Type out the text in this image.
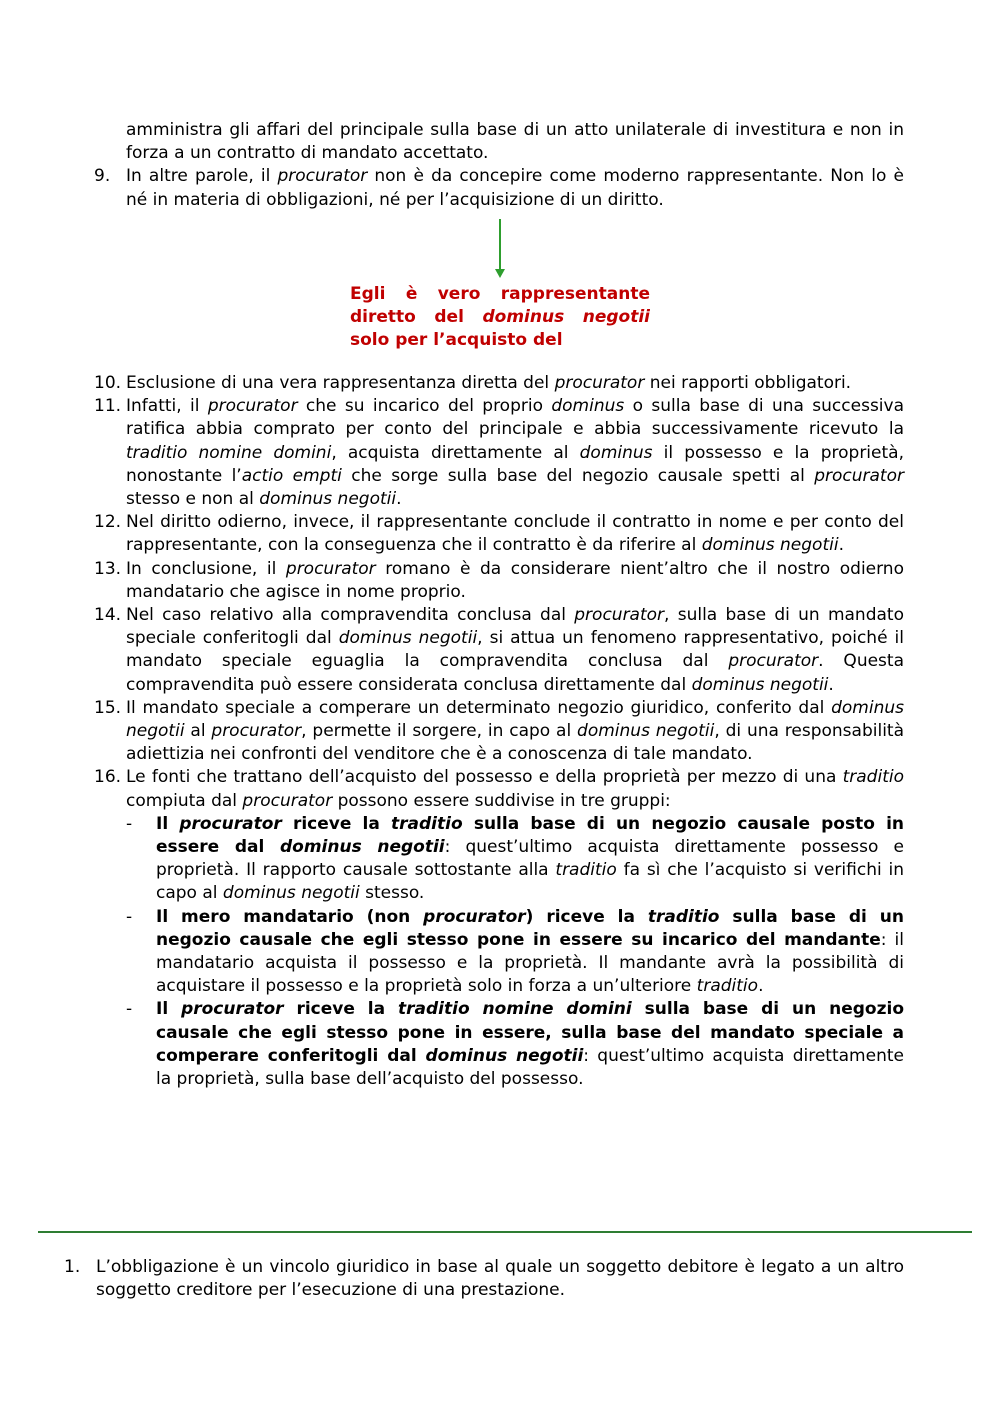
amministra gli affari del principale sulla base di un atto unilaterale di investitura e non in forza a un contratto di mandato accettato.
9. In altre parole, il procurator non è da concepire come moderno rappresentante. Non lo è né in materia di obbligazioni, né per l’acquisizione di un diritto.
Egli è vero rappresentante diretto del dominus negotii solo per l’acquisto del
10. Esclusione di una vera rappresentanza diretta del procurator nei rapporti obbligatori.
11. Infatti, il procurator che su incarico del proprio dominus o sulla base di una successiva ratifica abbia comprato per conto del principale e abbia successivamente ricevuto la traditio nomine domini, acquista direttamente al dominus il possesso e la proprietà, nonostante l’actio empti che sorge sulla base del negozio causale spetti al procurator stesso e non al dominus negotii.
12. Nel diritto odierno, invece, il rappresentante conclude il contratto in nome e per conto del rappresentante, con la conseguenza che il contratto è da riferire al dominus negotii.
13. In conclusione, il procurator romano è da considerare nient’altro che il nostro odierno mandatario che agisce in nome proprio.
14. Nel caso relativo alla compravendita conclusa dal procurator, sulla base di un mandato speciale conferitogli dal dominus negotii, si attua un fenomeno rappresentativo, poiché il mandato speciale eguaglia la compravendita conclusa dal procurator. Questa compravendita può essere considerata conclusa direttamente dal dominus negotii.
15. Il mandato speciale a comperare un determinato negozio giuridico, conferito dal dominus negotii al procurator, permette il sorgere, in capo al dominus negotii, di una responsabilità adiettizia nei confronti del venditore che è a conoscenza di tale mandato.
16. Le fonti che trattano dell’acquisto del possesso e della proprietà per mezzo di una traditio compiuta dal procurator possono essere suddivise in tre gruppi:
- Il procurator riceve la traditio sulla base di un negozio causale posto in essere dal dominus negotii: quest’ultimo acquista direttamente possesso e proprietà. Il rapporto causale sottostante alla traditio fa sì che l’acquisto si verifichi in capo al dominus negotii stesso.
- Il mero mandatario (non procurator) riceve la traditio sulla base di un negozio causale che egli stesso pone in essere su incarico del mandante: il mandatario acquista il possesso e la proprietà. Il mandante avrà la possibilità di acquistare il possesso e la proprietà solo in forza a un’ulteriore traditio.
- Il procurator riceve la traditio nomine domini sulla base di un negozio causale che egli stesso pone in essere, sulla base del mandato speciale a comperare conferitogli dal dominus negotii: quest’ultimo acquista direttamente la proprietà, sulla base dell’acquisto del possesso.
1. L’obbligazione è un vincolo giuridico in base al quale un soggetto debitore è legato a un altro soggetto creditore per l’esecuzione di una prestazione.
